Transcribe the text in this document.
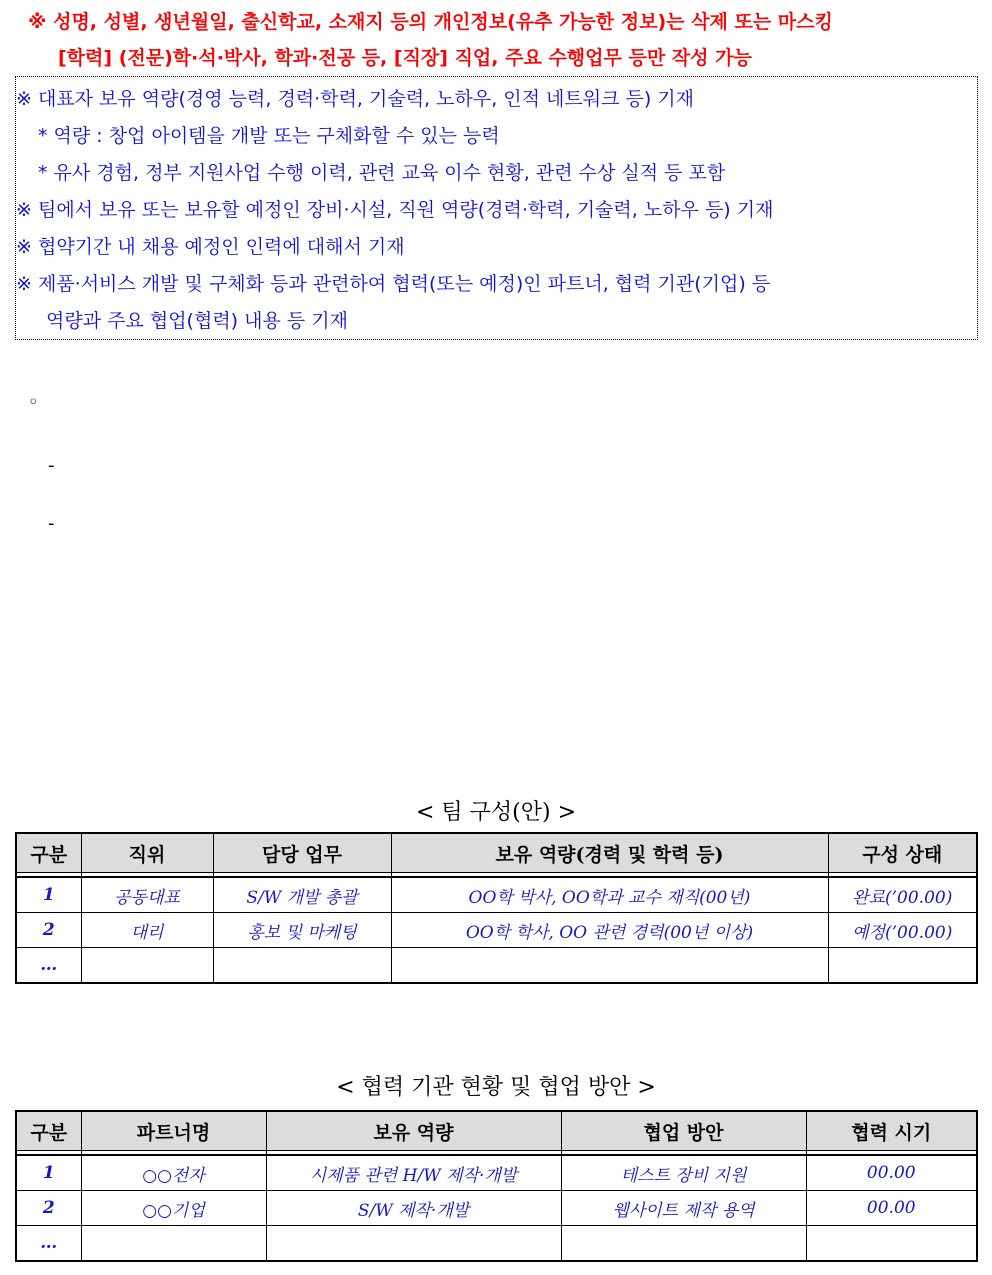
※ 성명, 성별, 생년월일, 출신학교, 소재지 등의 개인정보(유추 가능한 정보)는 삭제 또는 마스킹
[학력] (전문)학·석·박사, 학과·전공 등, [직장] 직업, 주요 수행업무 등만 작성 가능
※ 대표자 보유 역량(경영 능력, 경력·학력, 기술력, 노하우, 인적 네트워크 등) 기재
* 역량 : 창업 아이템을 개발 또는 구체화할 수 있는 능력
* 유사 경험, 정부 지원사업 수행 이력, 관련 교육 이수 현황, 관련 수상 실적 등 포함
※ 팀에서 보유 또는 보유할 예정인 장비·시설, 직원 역량(경력·학력, 기술력, 노하우 등) 기재
※ 협약기간 내 채용 예정인 인력에 대해서 기재
※ 제품·서비스 개발 및 구체화 등과 관련하여 협력(또는 예정)인 파트너, 협력 기관(기업) 등
역량과 주요 협업(협력) 내용 등 기재
◦
-
-
< 팀 구성(안) >
구분	직위	담당 업무	보유 역량(경력 및 학력 등)	구성 상태

1	공동대표	S/W 개발 총괄	OO학 박사, OO학과 교수 재직(00년)	완료(’00.00)
2	대리	홍보 및 마케팅	OO학 학사, OO 관련 경력(00년 이상)	예정(’00.00)
…				
< 협력 기관 현황 및 협업 방안 >
구분	파트너명	보유 역량	협업 방안	협력 시기

1	○○전자	시제품 관련 H/W 제작·개발	테스트 장비 지원	00.00
2	○○기업	S/W 제작·개발	웹사이트 제작 용역	00.00
…				
